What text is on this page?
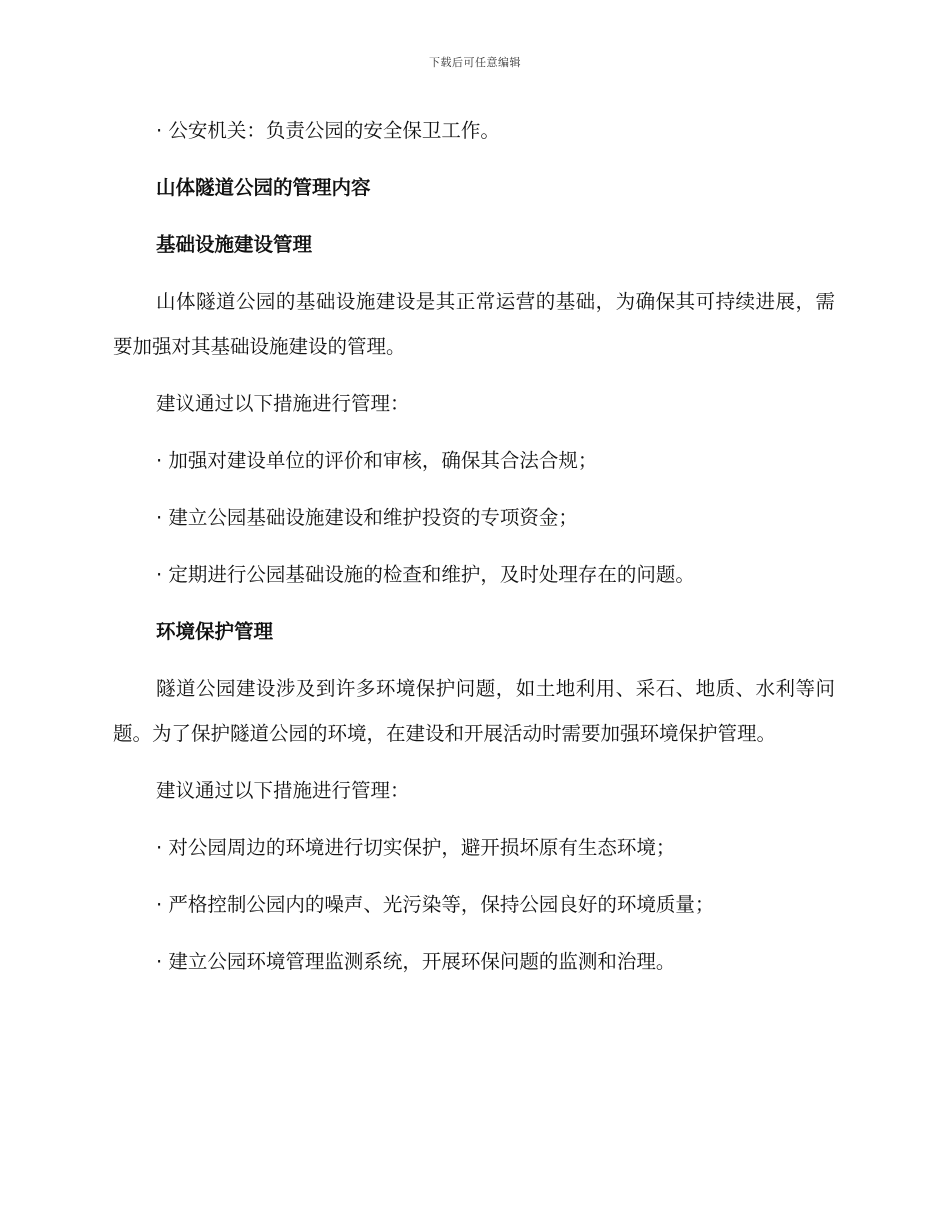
下载后可任意编辑
· 公安机关：负责公园的安全保卫工作。
山体隧道公园的管理内容
基础设施建设管理

山体隧道公园的基础设施建设是其正常运营的基础，为确保其可持续进展，需要加强对其基础设施建设的管理。

建议通过以下措施进行管理：
· 加强对建设单位的评价和审核，确保其合法合规；
· 建立公园基础设施建设和维护投资的专项资金；
· 定期进行公园基础设施的检查和维护，及时处理存在的问题。
环境保护管理

隧道公园建设涉及到许多环境保护问题，如土地利用、采石、地质、水利等问题。为了保护隧道公园的环境，在建设和开展活动时需要加强环境保护管理。

建议通过以下措施进行管理：
· 对公园周边的环境进行切实保护，避开损坏原有生态环境；
· 严格控制公园内的噪声、光污染等，保持公园良好的环境质量；
· 建立公园环境管理监测系统，开展环保问题的监测和治理。
